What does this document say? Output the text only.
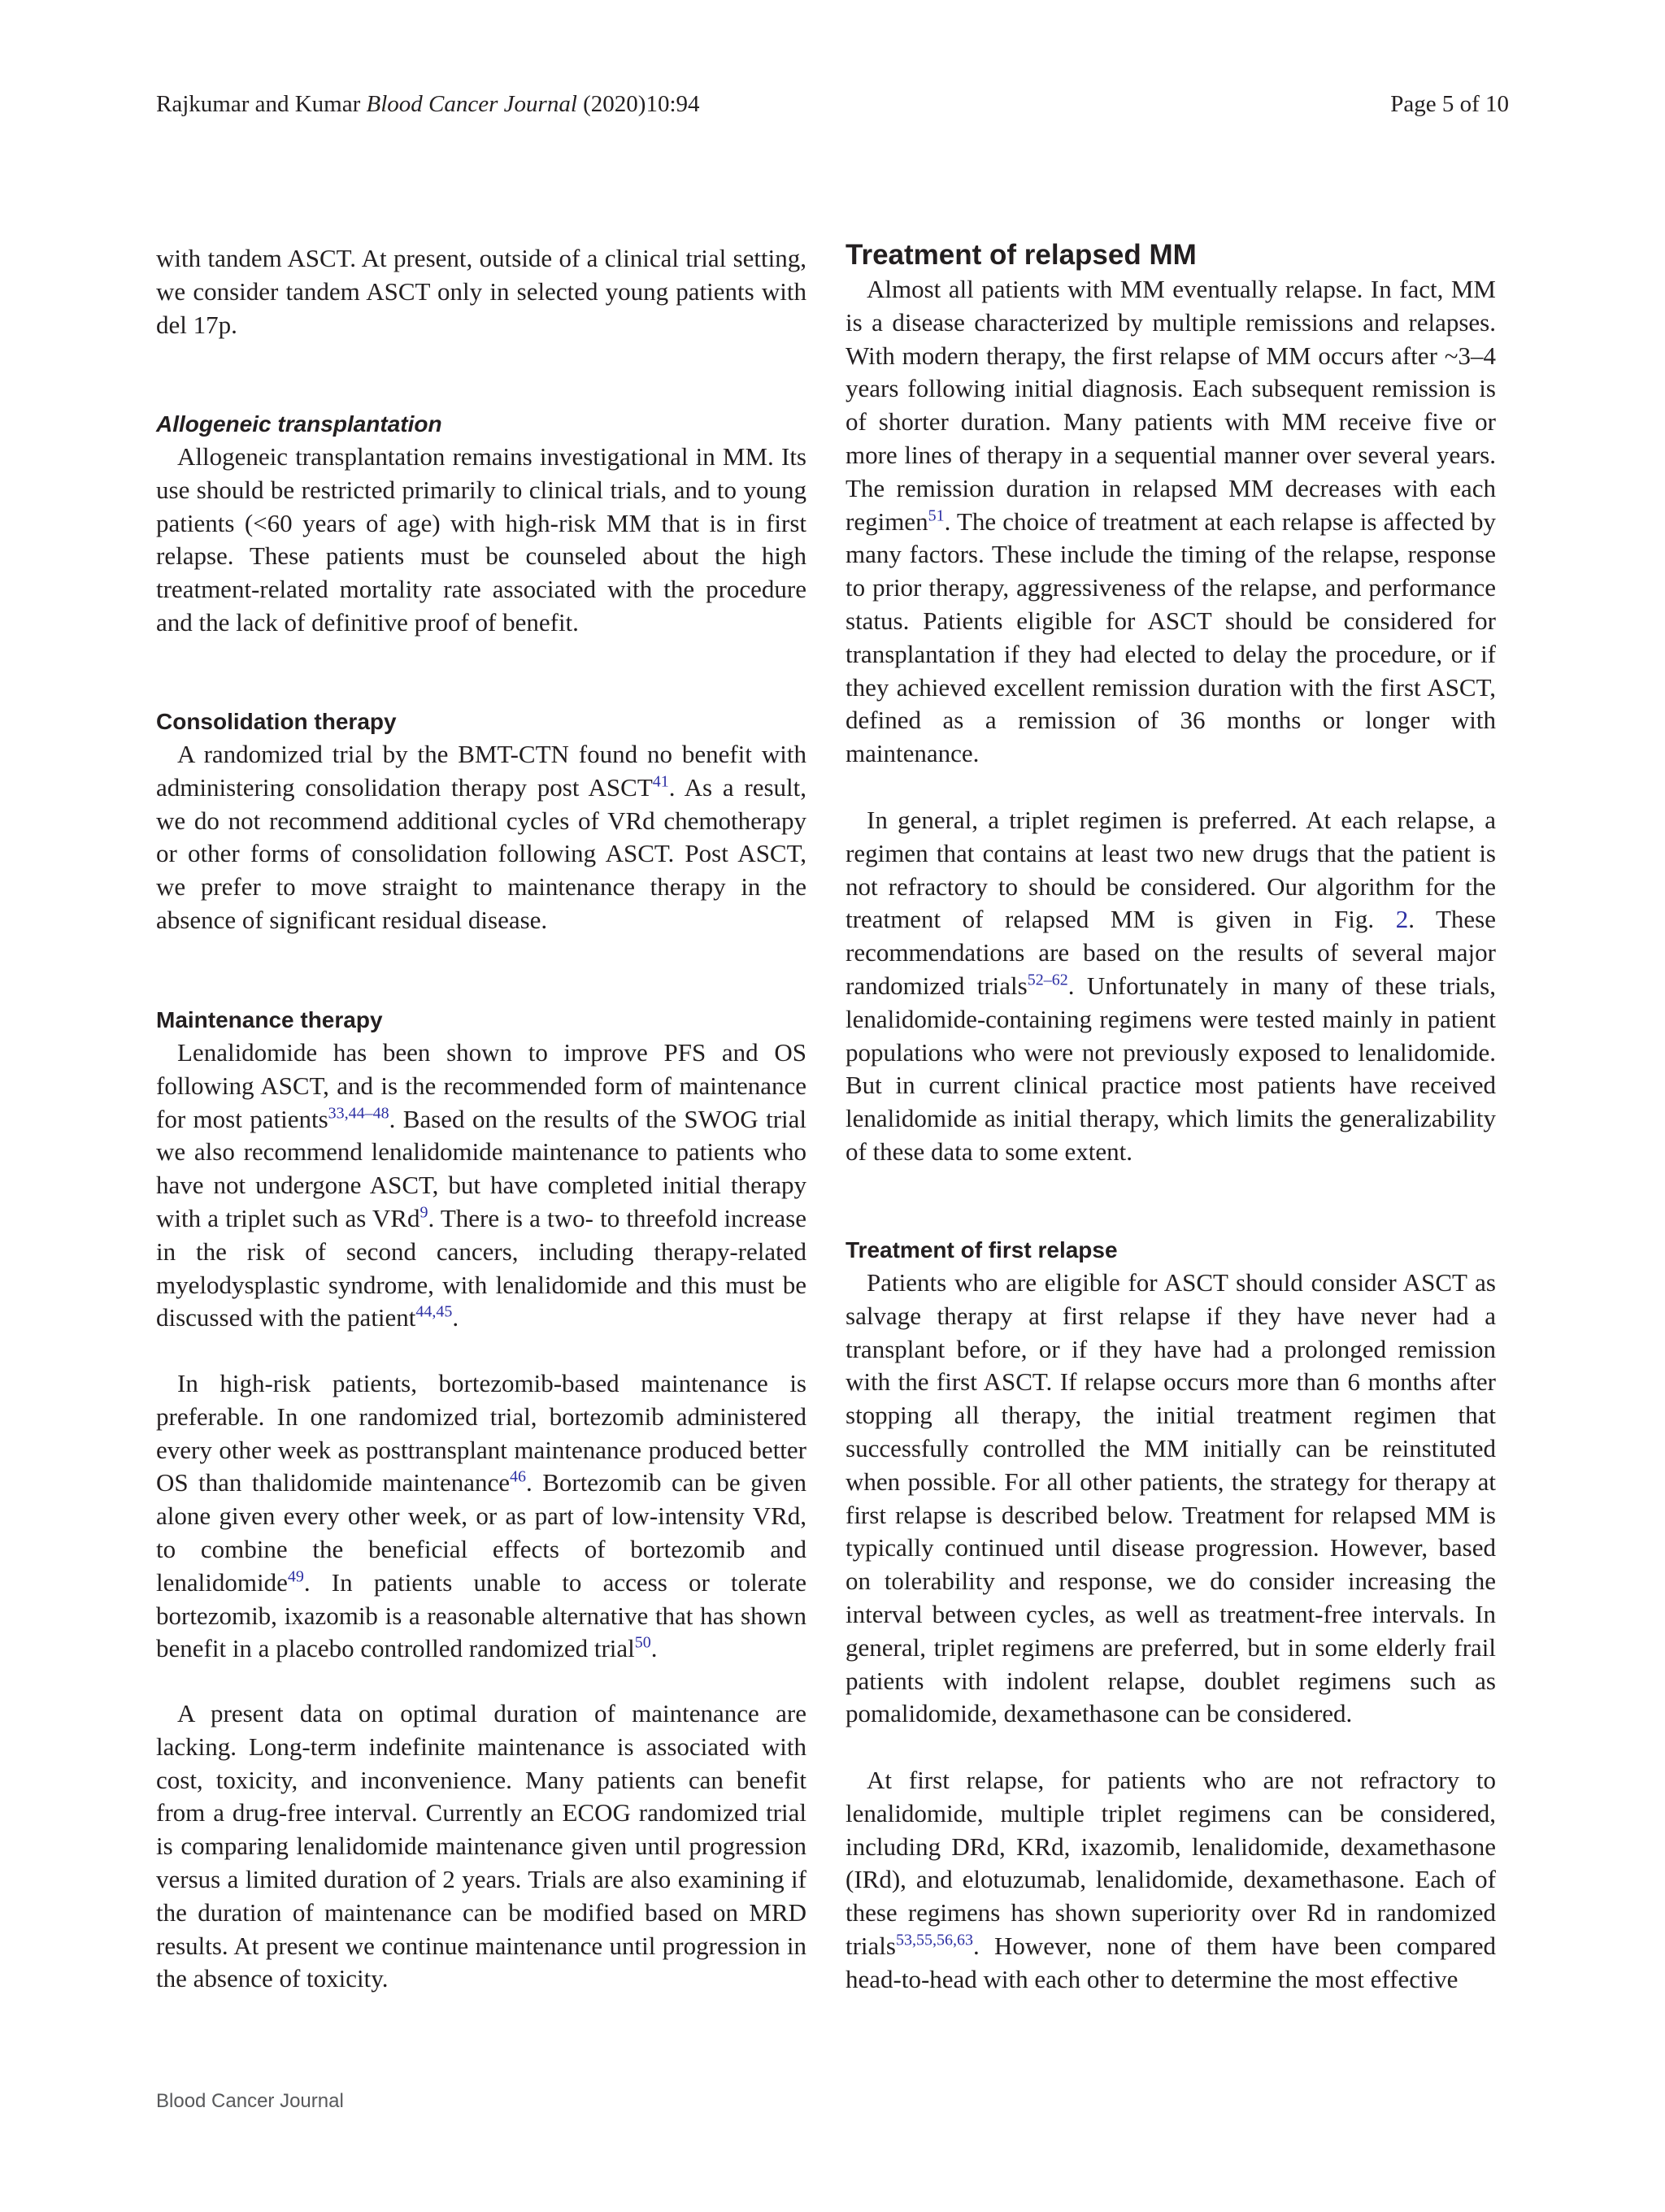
Rajkumar and Kumar Blood Cancer Journal (2020)10:94	Page 5 of 10

with tandem ASCT. At present, outside of a clinical trial setting, we consider tandem ASCT only in selected young patients with del 17p.

Allogeneic transplantation

Allogeneic transplantation remains investigational in MM. Its use should be restricted primarily to clinical trials, and to young patients (<60 years of age) with high-risk MM that is in first relapse. These patients must be counseled about the high treatment-related mortality rate associated with the procedure and the lack of definitive proof of benefit.

Consolidation therapy

A randomized trial by the BMT-CTN found no benefit with administering consolidation therapy post ASCT$^{41}$. As a result, we do not recommend additional cycles of VRd chemotherapy or other forms of consolidation following ASCT. Post ASCT, we prefer to move straight to maintenance therapy in the absence of significant residual disease.

Maintenance therapy

Lenalidomide has been shown to improve PFS and OS following ASCT, and is the recommended form of maintenance for most patients$^{33,44-48}$. Based on the results of the SWOG trial we also recommend lenalidomide maintenance to patients who have not undergone ASCT, but have completed initial therapy with a triplet such as VRd$^9$. There is a two- to threefold increase in the risk of second cancers, including therapy-related myelodysplastic syndrome, with lenalidomide and this must be discussed with the patient$^{44,45}$.

In high-risk patients, bortezomib-based maintenance is preferable. In one randomized trial, bortezomib administered every other week as posttransplant maintenance produced better OS than thalidomide maintenance$^{46}$. Bortezomib can be given alone given every other week, or as part of low-intensity VRd, to combine the beneficial effects of bortezomib and lenalidomide$^{49}$. In patients unable to access or tolerate bortezomib, ixazomib is a reasonable alternative that has shown benefit in a placebo controlled randomized trial$^{50}$.

A present data on optimal duration of maintenance are lacking. Long-term indefinite maintenance is associated with cost, toxicity, and inconvenience. Many patients can benefit from a drug-free interval. Currently an ECOG randomized trial is comparing lenalidomide maintenance given until progression versus a limited duration of 2 years. Trials are also examining if the duration of maintenance can be modified based on MRD results. At present we continue maintenance until progression in the absence of toxicity.

Treatment of relapsed MM

Almost all patients with MM eventually relapse. In fact, MM is a disease characterized by multiple remissions and relapses. With modern therapy, the first relapse of MM occurs after ~3–4 years following initial diagnosis. Each subsequent remission is of shorter duration. Many patients with MM receive five or more lines of therapy in a sequential manner over several years. The remission duration in relapsed MM decreases with each regimen$^{51}$. The choice of treatment at each relapse is affected by many factors. These include the timing of the relapse, response to prior therapy, aggressiveness of the relapse, and performance status. Patients eligible for ASCT should be considered for transplantation if they had elected to delay the procedure, or if they achieved excellent remission duration with the first ASCT, defined as a remission of 36 months or longer with maintenance.

In general, a triplet regimen is preferred. At each relapse, a regimen that contains at least two new drugs that the patient is not refractory to should be considered. Our algorithm for the treatment of relapsed MM is given in Fig. 2. These recommendations are based on the results of several major randomized trials$^{52-62}$. Unfortunately in many of these trials, lenalidomide-containing regimens were tested mainly in patient populations who were not previously exposed to lenalidomide. But in current clinical practice most patients have received lenalidomide as initial therapy, which limits the generalizability of these data to some extent.

Treatment of first relapse

Patients who are eligible for ASCT should consider ASCT as salvage therapy at first relapse if they have never had a transplant before, or if they have had a prolonged remission with the first ASCT. If relapse occurs more than 6 months after stopping all therapy, the initial treatment regimen that successfully controlled the MM initially can be reinstituted when possible. For all other patients, the strategy for therapy at first relapse is described below. Treatment for relapsed MM is typically continued until disease progression. However, based on tolerability and response, we do consider increasing the interval between cycles, as well as treatment-free intervals. In general, triplet regimens are preferred, but in some elderly frail patients with indolent relapse, doublet regimens such as pomalidomide, dexamethasone can be considered.

At first relapse, for patients who are not refractory to lenalidomide, multiple triplet regimens can be considered, including DRd, KRd, ixazomib, lenalidomide, dexamethasone (IRd), and elotuzumab, lenalidomide, dexamethasone. Each of these regimens has shown superiority over Rd in randomized trials$^{53,55,56,63}$. However, none of them have been compared head-to-head with each other to determine the most effective

Blood Cancer Journal
